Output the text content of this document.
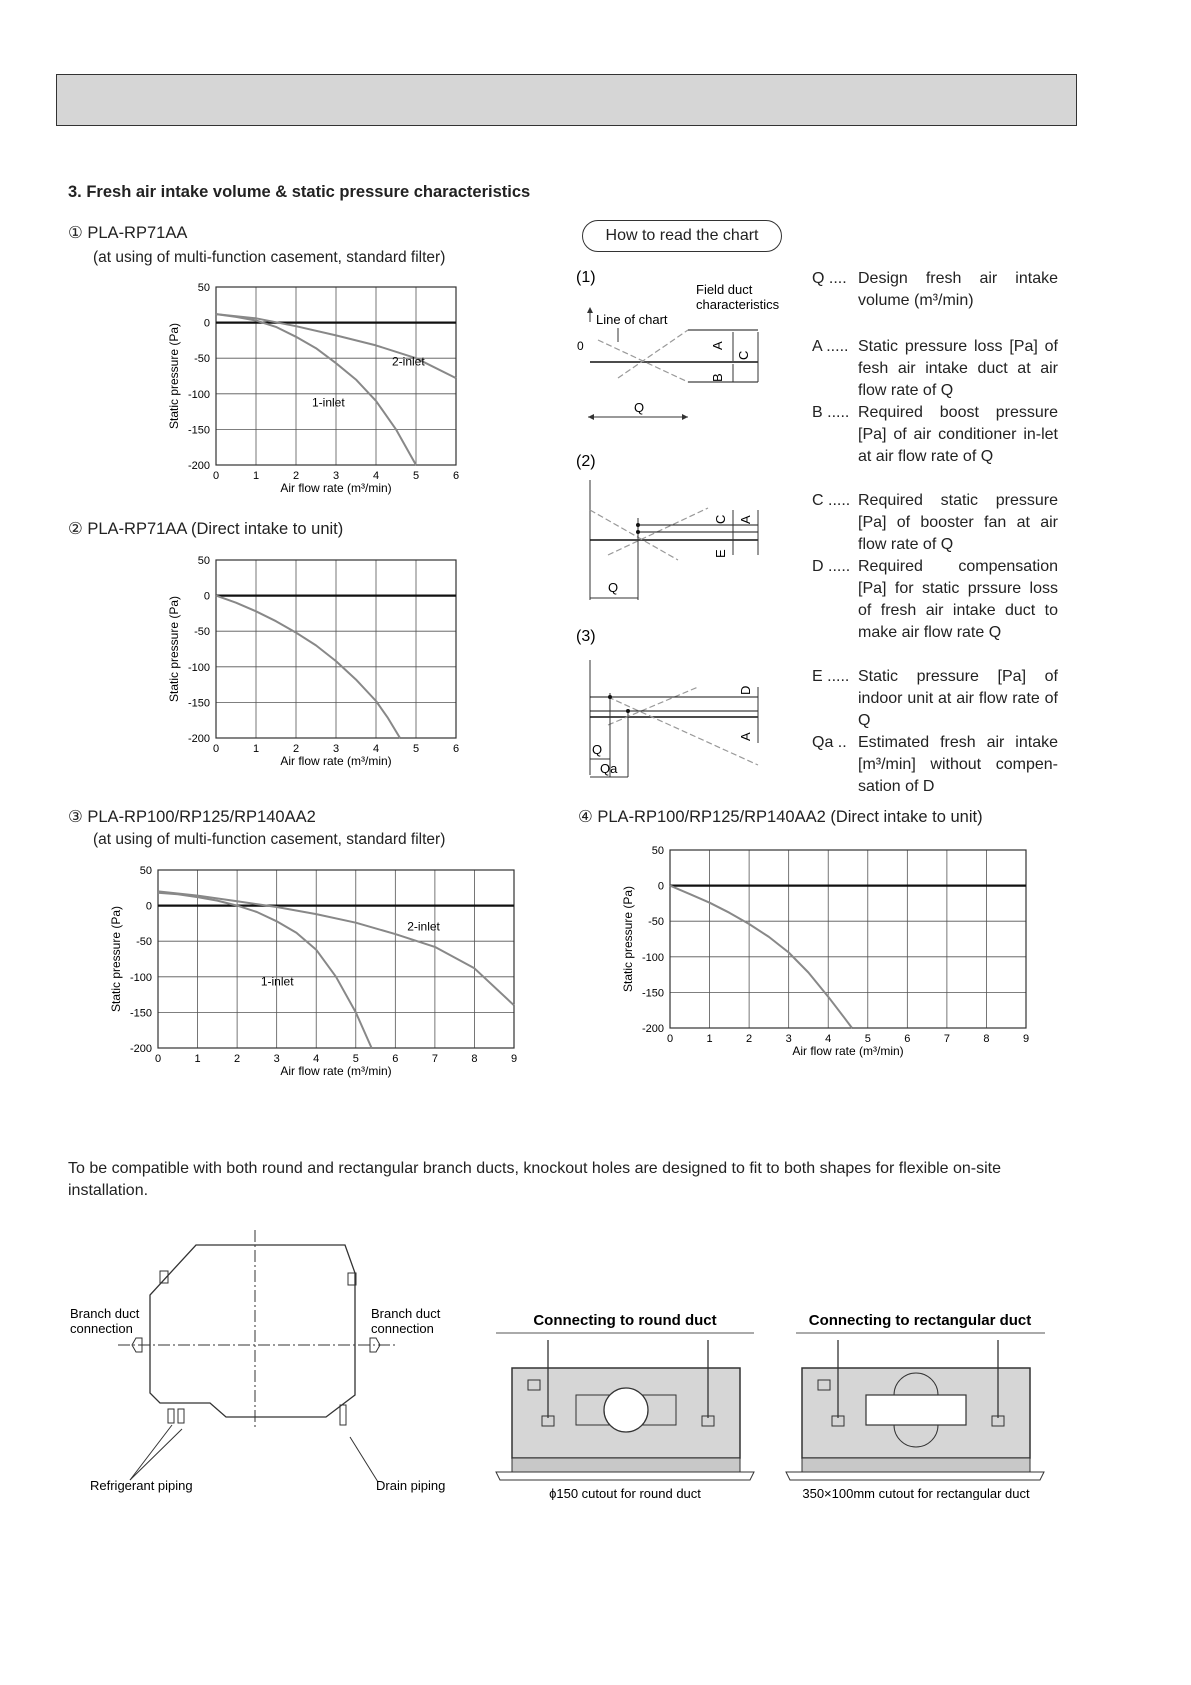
3. Fresh air intake volume & static pressure characteristics
① PLA-RP71AA
(at using of multi-function casement, standard filter)
② PLA-RP71AA (Direct intake to unit)
③ PLA-RP100/RP125/RP140AA2
(at using of multi-function casement, standard filter)
④ PLA-RP100/RP125/RP140AA2 (Direct intake to unit)
0	1	2	3	4	5	6
50
0
-50
-100
-150
-200
Air flow rate (m³/min)
Static pressure (Pa)	1-inlet
2-inlet
0	1	2	3	4	5	6
50
0
-50
-100
-150
-200
Air flow rate (m³/min)
Static pressure (Pa)
0	1	2	3	4	5	6	7	8	9
50
0
-50
-100
-150
-200
Air flow rate (m³/min)
Static pressure (Pa)	1-inlet
2-inlet
0	1	2	3	4	5	6	7	8	9
50
0
-50
-100
-150
-200
Air flow rate (m³/min)
Static pressure (Pa)
How to read the chart
(1)
Field duct
characteristics
Line of chart
0	A
C
B
Q
(2)
C A
E
Q
(3)
D
A
Q
Qa
Q .... Design fresh air intake volume (m³/min)
A ..... Static pressure loss [Pa] of fesh air intake duct at air flow rate of Q
B ..... Required boost pressure [Pa] of air conditioner in-let at air flow rate of Q
C ..... Required static pressure [Pa] of booster fan at air flow rate of Q
D ..... Required compensation [Pa] for static prssure loss of fresh air intake duct to make air flow rate Q
E ..... Static pressure [Pa] of indoor unit at air flow rate of Q
Qa .. Estimated fresh air intake [m³/min] without compen-sation of D
To be compatible with both round and rectangular branch ducts, knockout holes are designed to fit to both shapes for flexible on-site installation.
Branch duct
connection
Branch duct
connection
Refrigerant piping	Drain piping
Connecting to round duct
ϕ150 cutout for round duct
Connecting to rectangular duct
350×100mm cutout for rectangular duct
